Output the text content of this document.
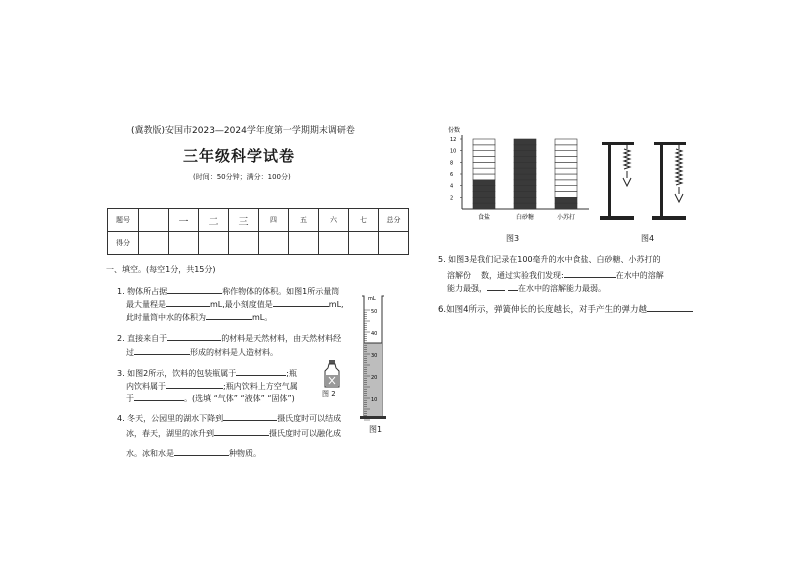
(冀教版)安国市2023—2024学年度第一学期期末调研卷
三年级科学试卷
(时间：50分钟；满分：100分)
题号		一	二	三	四	五	六	七	总分
得分									
一、填空。(每空1分，共15分)
1. 物体所占据	称作物体的体积。如图1所示量筒
最大量程是	mL,最小刻度值是	mL,
此时量筒中水的体积为	mL。
2. 直接来自于	的材料是天然材料，由天然材料经
过	形成的材料是人造材料。
3. 如图2所示，饮料的包装瓶属于	;瓶
内饮料属于	;瓶内饮料上方空气属
于	。(选填 “气体” “液体” “固体”)
4. 冬天，公园里的湖水下降到	摄氏度时可以结成
冰，春天，湖里的冰升到	摄氏度时可以融化成
水。冰和水是	种物质。
mL
50
40
30
20
10
图1
图 2
份数
2
4
6
8
10
12
食盐	白砂糖	小苏打
图3	图4
5. 如图3是我们记录在100毫升的水中食盐、白砂糖、小苏打的
溶解份 数，通过实验我们发现:	在水中的溶解
能力最强，	在水中的溶解能力最弱。
6.如图4所示，弹簧伸长的长度越长，对手产生的弹力越
